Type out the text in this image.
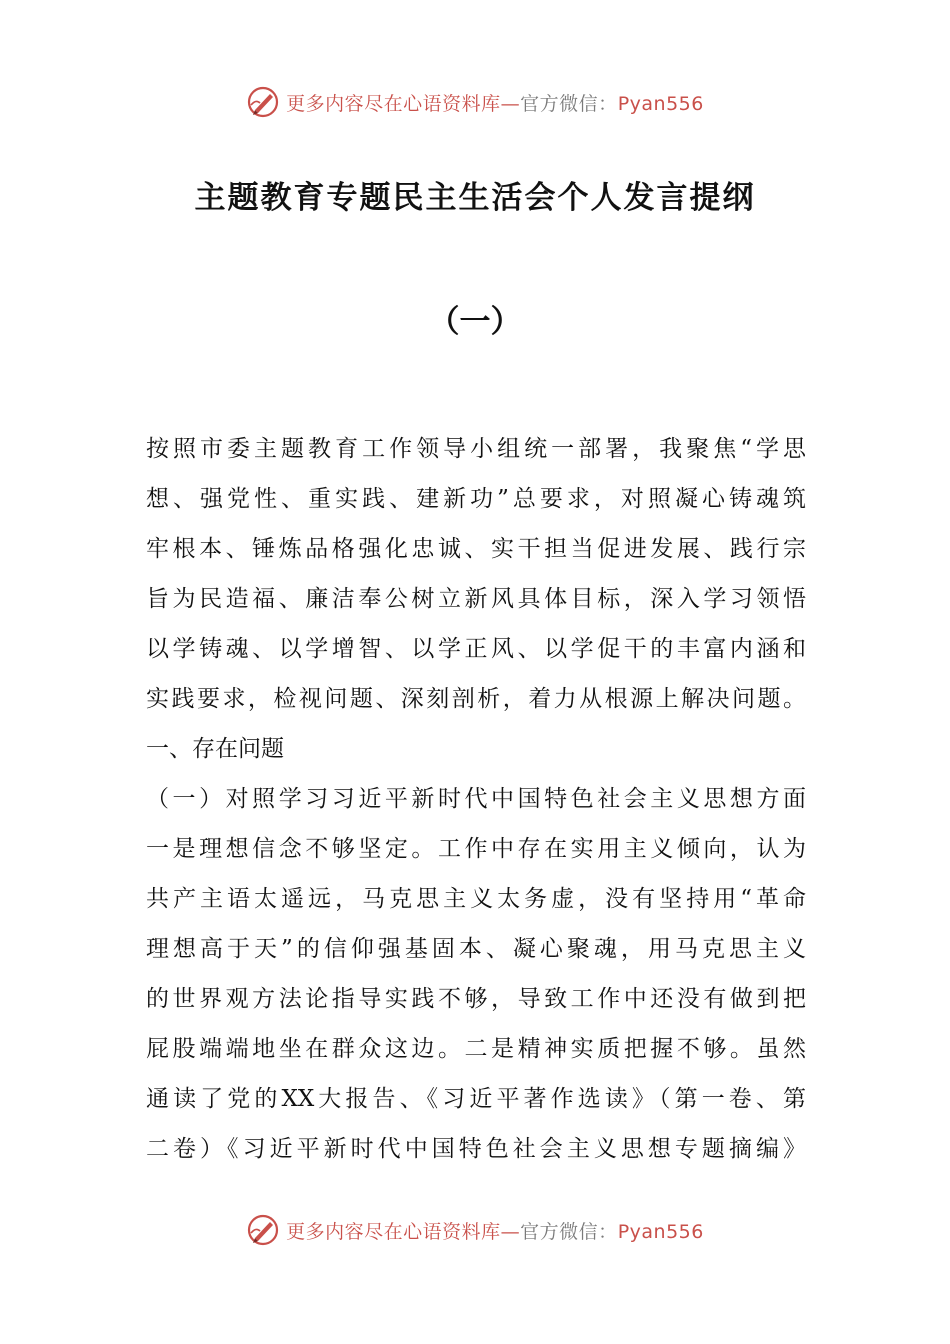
更多内容尽在心语资料库—官方微信：Pyan556
主题教育专题民主生活会个人发言提纲
（一）
按照市委主题教育工作领导小组统一部署，我聚焦“学思
想、强党性、重实践、建新功”总要求，对照凝心铸魂筑
牢根本、锤炼品格强化忠诚、实干担当促进发展、践行宗
旨为民造福、廉洁奉公树立新风具体目标，深入学习领悟
以学铸魂、以学增智、以学正风、以学促干的丰富内涵和
实践要求，检视问题、深刻剖析，着力从根源上解决问题。
一、存在问题
（一）对照学习习近平新时代中国特色社会主义思想方面
一是理想信念不够坚定。工作中存在实用主义倾向，认为
共产主语太遥远，马克思主义太务虚，没有坚持用“革命
理想高于天”的信仰强基固本、凝心聚魂，用马克思主义
的世界观方法论指导实践不够，导致工作中还没有做到把
屁股端端地坐在群众这边。二是精神实质把握不够。虽然
通读了党的XX大报告、《习近平著作选读》（第一卷、第
二卷）《习近平新时代中国特色社会主义思想专题摘编》
更多内容尽在心语资料库—官方微信：Pyan556
